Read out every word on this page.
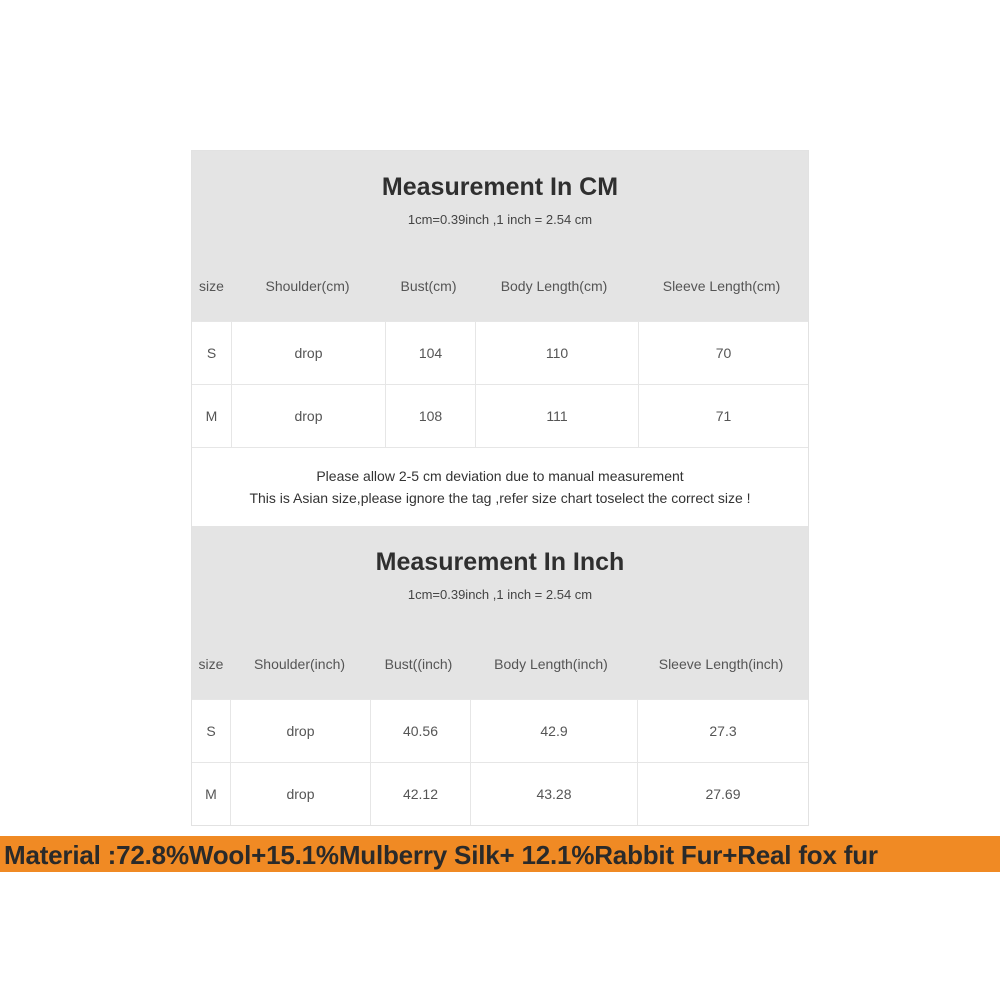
Measurement In CM
1cm=0.39inch ,1 inch = 2.54 cm
size	Shoulder(cm)	Bust(cm)	Body Length(cm)	Sleeve Length(cm)
S	drop	104	110	70
M	drop	108	111	71
Please allow 2-5 cm deviation due to manual measurement
This is Asian size,please ignore the tag ,refer size chart toselect the correct size !
Measurement In Inch
1cm=0.39inch ,1 inch = 2.54 cm
size	Shoulder(inch)	Bust((inch)	Body Length(inch)	Sleeve Length(inch)
S	drop	40.56	42.9	27.3
M	drop	42.12	43.28	27.69
Material :72.8%Wool+15.1%Mulberry Silk+ 12.1%Rabbit Fur+Real fox fur
